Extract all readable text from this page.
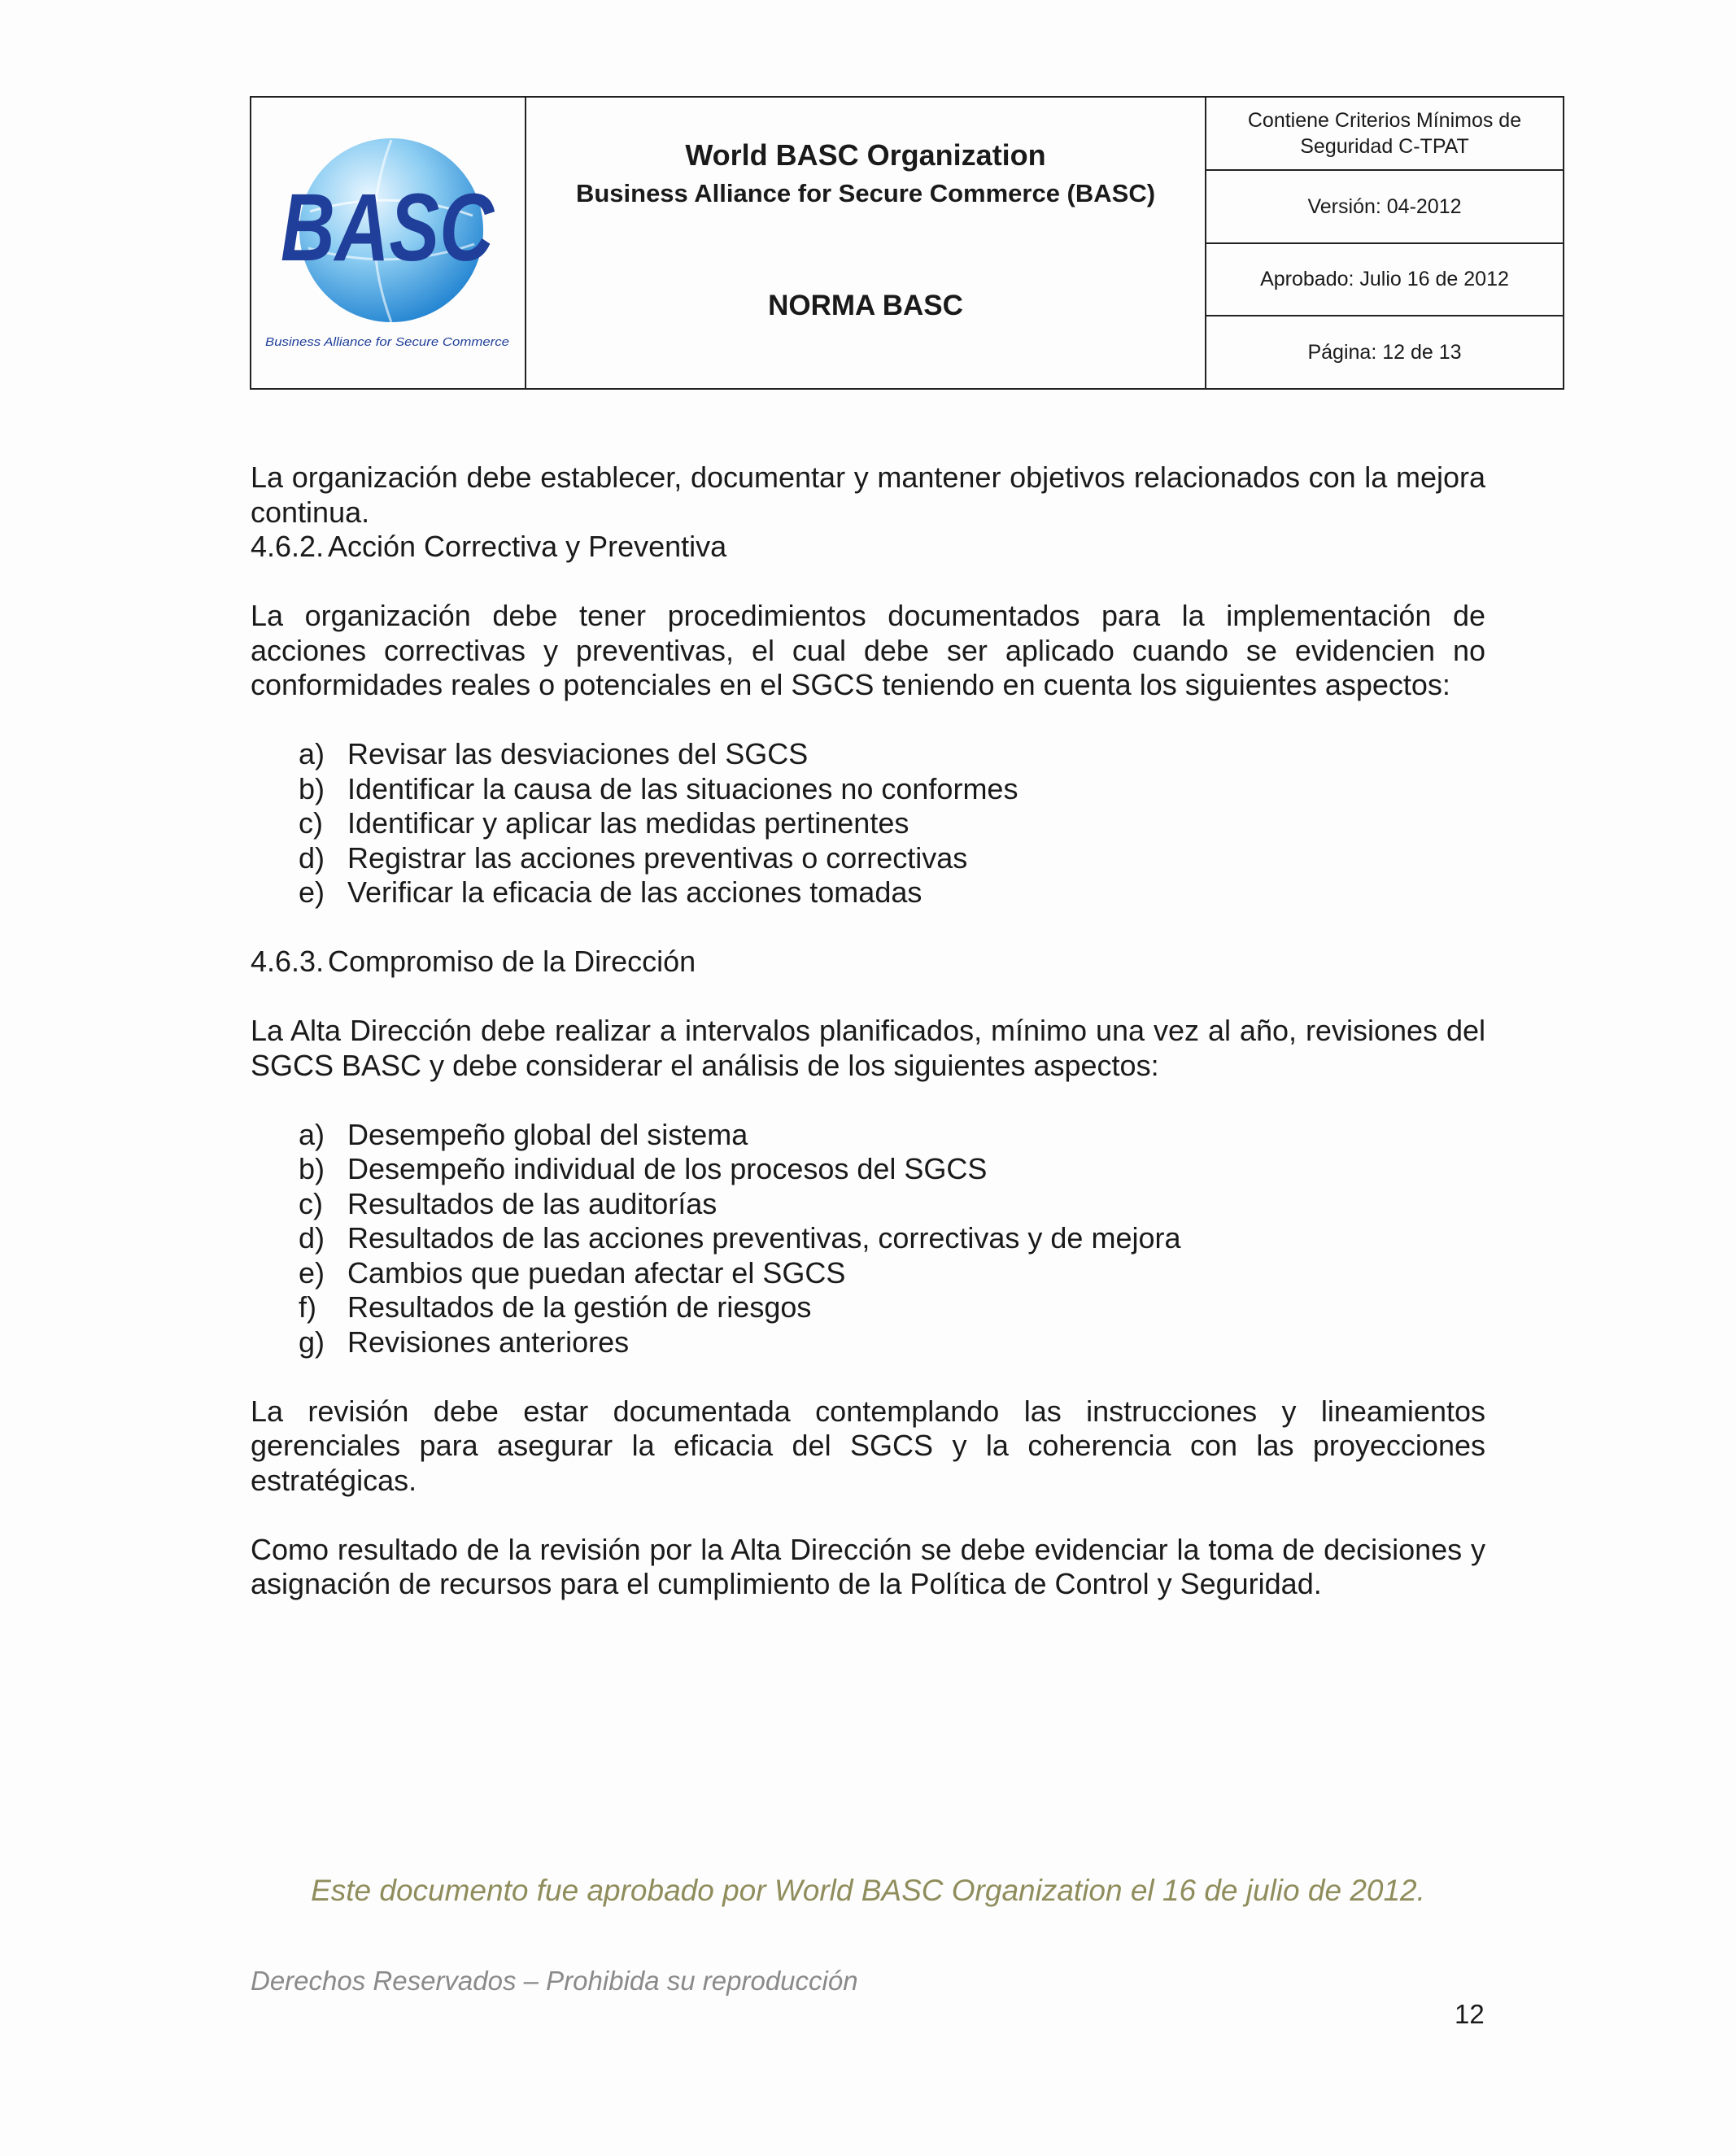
BASC
Business Alliance for Secure Commerce
World BASC Organization
Business Alliance for Secure Commerce (BASC)
NORMA BASC
Contiene Criterios Mínimos de Seguridad C-TPAT
Versión: 04-2012
Aprobado: Julio 16 de 2012
Página: 12 de 13

La organización debe establecer, documentar y mantener objetivos relacionados con la mejora continua.

4.6.2. Acción Correctiva y Preventiva

La organización debe tener procedimientos documentados para la implementación de acciones correctivas y preventivas, el cual debe ser aplicado cuando se evidencien no conformidades reales o potenciales en el SGCS teniendo en cuenta los siguientes aspectos:

a) Revisar las desviaciones del SGCS
b) Identificar la causa de las situaciones no conformes
c) Identificar y aplicar las medidas pertinentes
d) Registrar las acciones preventivas o correctivas
e) Verificar la eficacia de las acciones tomadas
4.6.3. Compromiso de la Dirección

La Alta Dirección debe realizar a intervalos planificados, mínimo una vez al año, revisiones del SGCS BASC y debe considerar el análisis de los siguientes aspectos:

a) Desempeño global del sistema
b) Desempeño individual de los procesos del SGCS
c) Resultados de las auditorías
d) Resultados de las acciones preventivas, correctivas y de mejora
e) Cambios que puedan afectar el SGCS
f)	Resultados de la gestión de riesgos
g) Revisiones anteriores

La revisión debe estar documentada contemplando las instrucciones y lineamientos gerenciales para asegurar la eficacia del SGCS y la coherencia con las proyecciones estratégicas.

Como resultado de la revisión por la Alta Dirección se debe evidenciar la toma de decisiones y asignación de recursos para el cumplimiento de la Política de Control y Seguridad.

Este documento fue aprobado por World BASC Organization el 16 de julio de 2012.
Derechos Reservados – Prohibida su reproducción
12
